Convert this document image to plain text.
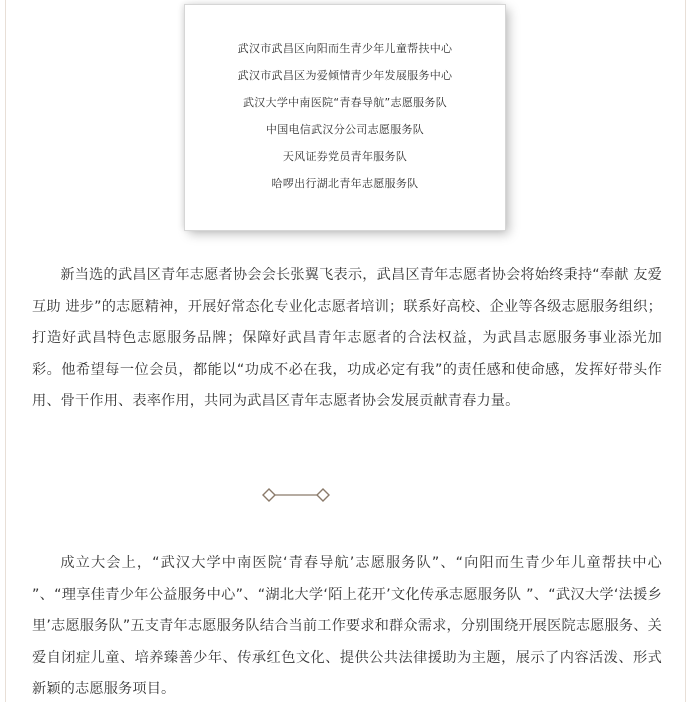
武汉市武昌区向阳而生青少年儿童帮扶中心
武汉市武昌区为爱倾情青少年发展服务中心
武汉大学中南医院“青春导航”志愿服务队
中国电信武汉分公司志愿服务队
天风证券党员青年服务队
哈啰出行湖北青年志愿服务队

新当选的武昌区青年志愿者协会会长张翼飞表示，武昌区青年志愿者协会将始终秉持“奉献 友爱 互助 进步”的志愿精神，开展好常态化专业化志愿者培训；联系好高校、企业等各级志愿服务组织；打造好武昌特色志愿服务品牌；保障好武昌青年志愿者的合法权益，为武昌志愿服务事业添光加彩。他希望每一位会员，都能以“功成不必在我，功成必定有我”的责任感和使命感，发挥好带头作用、骨干作用、表率作用，共同为武昌区青年志愿者协会发展贡献青春力量。

成立大会上，“武汉大学中南医院‘青春导航’志愿服务队”、“向阳而生青少年儿童帮扶中心 ”、“理享佳青少年公益服务中心”、“湖北大学‘陌上花开’文化传承志愿服务队 ”、“武汉大学‘法援乡里’志愿服务队”五支青年志愿服务队结合当前工作要求和群众需求，分别围绕开展医院志愿服务、关爱自闭症儿童、培养臻善少年、传承红色文化、提供公共法律援助为主题，展示了内容活泼、形式新颖的志愿服务项目。
